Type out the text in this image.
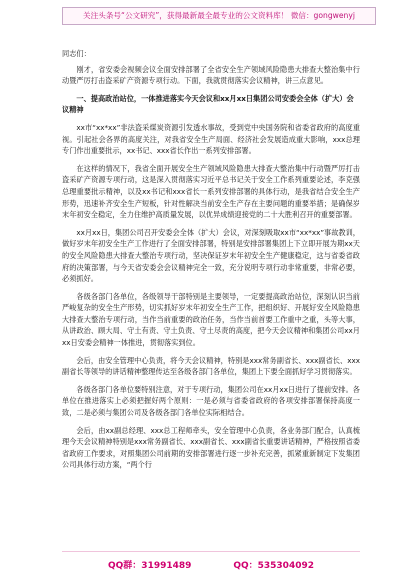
关注头条号“公文研究”，获得最新最全最专业的公文资料库！ 微信：gongwenyj

同志们：

刚才，省安委会视频会议全面安排部署了全省安全生产领域风险隐患大排查大整治集中行动暨严厉打击盗采矿产资源专项行动。下面，我就贯彻落实会议精神，讲三点意见。

一、提高政治站位，一体推进落实今天会议和xx月xx日集团公司安委会全体（扩大）会议精神

xx市“xx*xx”非法盗采煤炭资源引发透水事故，受到党中央国务院和省委省政府的高度重视。引起社会各界的高度关注，对我省安全生产局面、经济社会发展造成重大影响，xxx总理专门作出重要批示，xx书记、xxx省长作出一系列安排部署。

在这样的情况下，我省全面开展安全生产领域风险隐患大排查大整治集中行动暨严厉打击盗采矿产资源专项行动，这是深入贯彻落实习近平总书记关于安全工作系列重要论述，李克强总理重要批示精神，以及xx书记和xxx省长一系列安排部署的具体行动，是我省结合安全生产形势，迅速补齐安全生产短板，针对性解决当前安全生产存在主要问题的重要举措；是确保岁末年初安全稳定，全力住维护高质量发展，以优异成绩迎接党的二十大胜利召开的重要部署。

xx月xx日，集团公司召开安委会全体（扩大）会议，对深刻吸取xx市“xx*xx”事故教训，做好岁末年初安全生产工作进行了全面安排部署，特别是安排部署集团上下立即开展为期xx天的安全风险隐患大排查大整治专项行动，坚决保证岁末年初安全生产健康稳定，这与省委省政府的决策部署，与今天省安委会会议精神完全一致，充分说明专项行动非常重要，非常必要，必须抓好。

各级各部门各单位，各级领导干部特别是主要领导，一定要提高政治站位，深刻认识当前严峻复杂的安全生产形势，切实抓好岁末年初安全生产工作，把组织好、开展好安全风险隐患大排查大整治专项行动，当作当前重要的政治任务，当作当前首要工作重中之重，头等大事，从讲政治、顾大局、守土有责、守土负责、守土尽责的高度，把今天会议精神和集团公司xx月xx日安委会精神一体推进，贯彻落实到位。

会后，由安全管理中心负责，将今天会议精神，特别是xxx常务副省长、xxx副省长、xxx副省长等领导的讲话精神整理传达至各级各部门各单位，集团上下要全面抓好学习贯彻落实。

各级各部门各单位要特别注意，对于专项行动，集团公司在xx月xx日进行了提前安排。各单位在推进落实上必须把握好两个原则：一是必须与省委省政府的各项安排部署保持高度一致，二是必须与集团公司及各级各部门各单位实际相结合。

会后，由xx副总经理、xxx总工程师牵头，安全管理中心负责，各业务部门配合，认真梳理今天会议精神特别是xxx常务副省长、xxx副省长、xxx副省长重要讲话精神，严格按照省委省政府工作要求，对照集团公司前期的安排部署进行逐一步补充完善，抓紧重新制定下发集团公司具体行动方案，“两个行

QQ群：31991489	QQ：535304092
